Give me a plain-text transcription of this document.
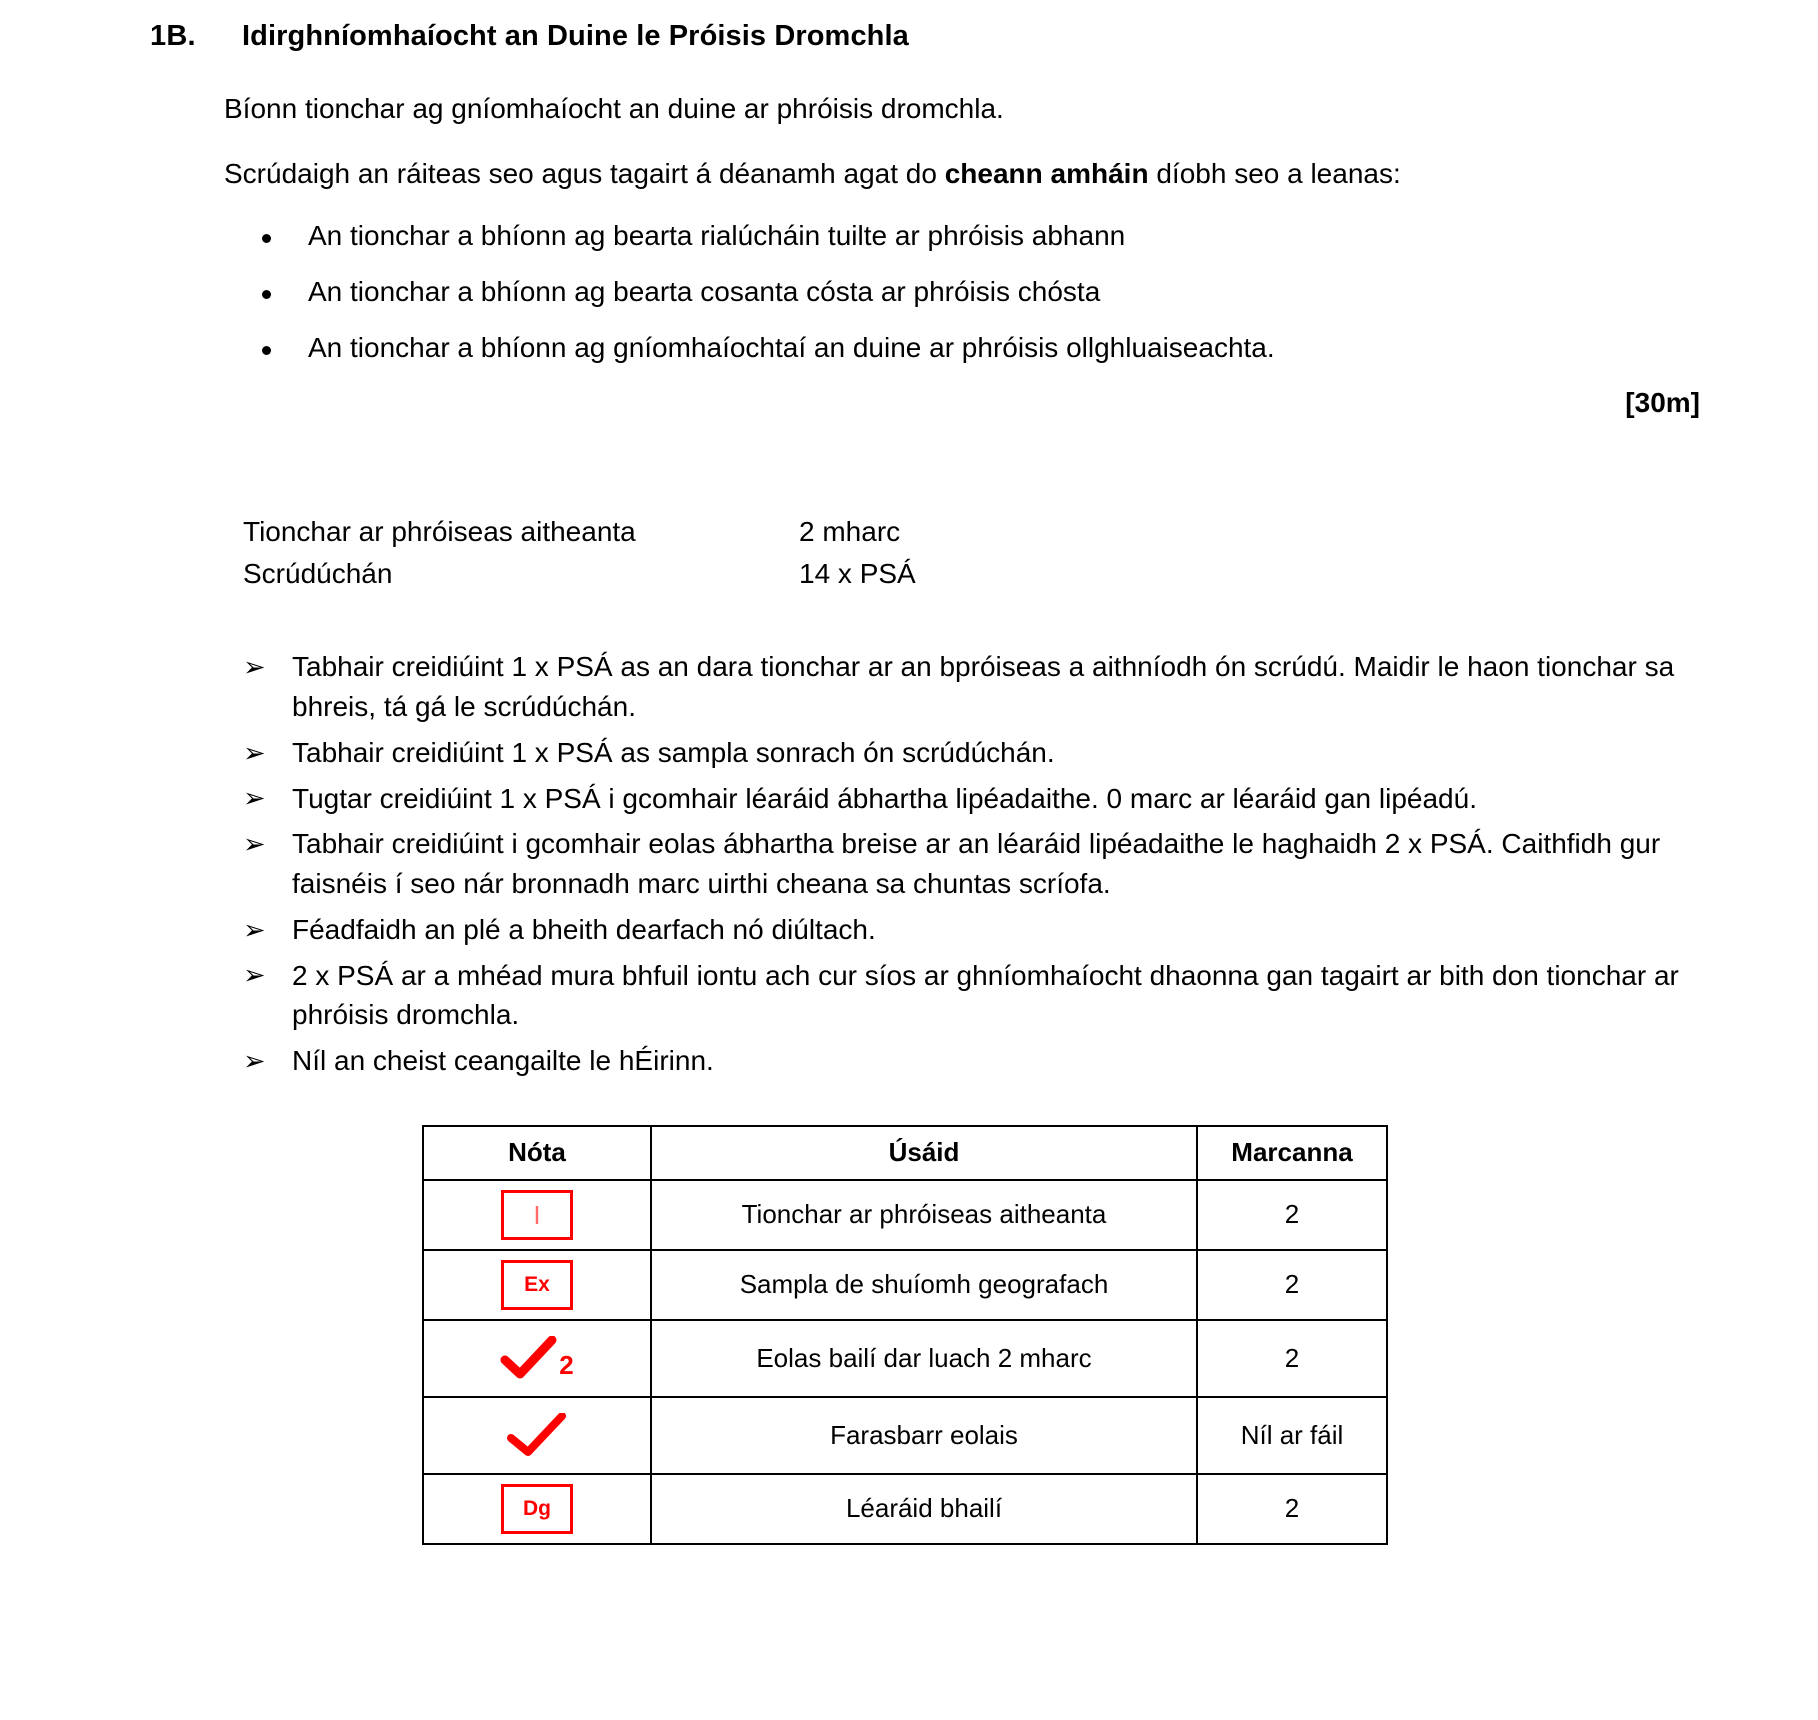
1B.	Idirghníomhaíocht an Duine le Próisis Dromchla

Bíonn tionchar ag gníomhaíocht an duine ar phróisis dromchla.

Scrúdaigh an ráiteas seo agus tagairt á déanamh agat do cheann amháin díobh seo a leanas:

An tionchar a bhíonn ag bearta rialúcháin tuilte ar phróisis abhann
An tionchar a bhíonn ag bearta cosanta cósta ar phróisis chósta
An tionchar a bhíonn ag gníomhaíochtaí an duine ar phróisis ollghluaiseachta.
[30m]
Tionchar ar phróiseas aitheanta	2 mharc
Scrúdúchán	14 x PSÁ
➢ Tabhair creidiúint 1 x PSÁ as an dara tionchar ar an bpróiseas a aithníodh ón scrúdú. Maidir le haon tionchar sa bhreis, tá gá le scrúdúchán.
➢ Tabhair creidiúint 1 x PSÁ as sampla sonrach ón scrúdúchán.
➢ Tugtar creidiúint 1 x PSÁ i gcomhair léaráid ábhartha lipéadaithe. 0 marc ar léaráid gan lipéadú.
➢ Tabhair creidiúint i gcomhair eolas ábhartha breise ar an léaráid lipéadaithe le haghaidh 2 x PSÁ. Caithfidh gur faisnéis í seo nár bronnadh marc uirthi cheana sa chuntas scríofa.
➢ Féadfaidh an plé a bheith dearfach nó diúltach.
➢ 2 x PSÁ ar a mhéad mura bhfuil iontu ach cur síos ar ghníomhaíocht dhaonna gan tagairt ar bith don tionchar ar phróisis dromchla.
➢ Níl an cheist ceangailte le hÉirinn.
Nóta	Úsáid	Marcanna
I	Tionchar ar phróiseas aitheanta	2
Ex	Sampla de shuíomh geografach	2

2	Eolas bailí dar luach 2 mharc	2

	Farasbarr eolais	Níl ar fáil
Dg	Léaráid bhailí	2
